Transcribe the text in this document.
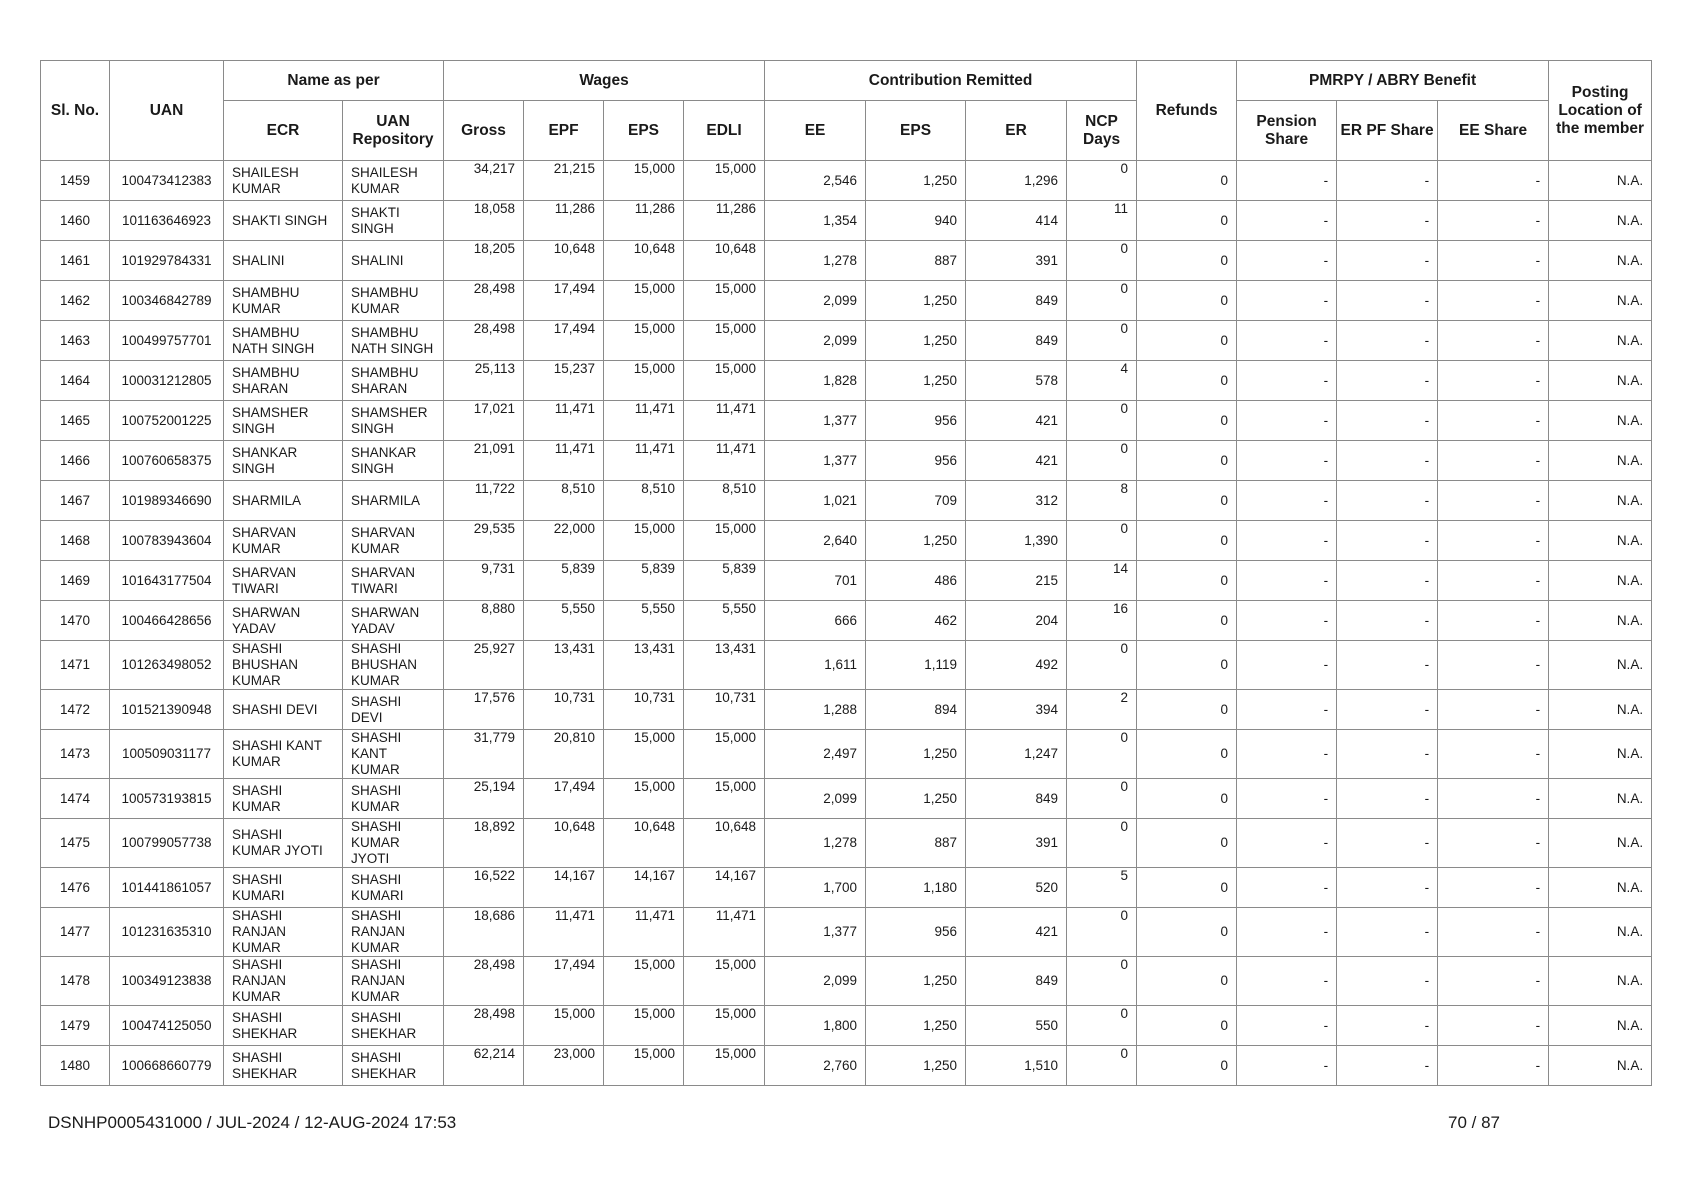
Sl. No.	UAN	Name as per		Wages				Contribution Remitted				Refunds	PMRPY / ABRY Benefit			Posting Location of the member
		ECR	UAN Repository	Gross	EPF	EPS	EDLI	EE	EPS	ER	NCP Days		Pension Share	ER PF Share	EE Share	
1459	100473412383	SHAILESH KUMAR	SHAILESH KUMAR	34,217	21,215	15,000	15,000	2,546	1,250	1,296	0	0	-	-	-	N.A.
1460	101163646923	SHAKTI SINGH	SHAKTI SINGH	18,058	11,286	11,286	11,286	1,354	940	414	11	0	-	-	-	N.A.
1461	101929784331	SHALINI	SHALINI	18,205	10,648	10,648	10,648	1,278	887	391	0	0	-	-	-	N.A.
1462	100346842789	SHAMBHU KUMAR	SHAMBHU KUMAR	28,498	17,494	15,000	15,000	2,099	1,250	849	0	0	-	-	-	N.A.
1463	100499757701	SHAMBHU NATH SINGH	SHAMBHU NATH SINGH	28,498	17,494	15,000	15,000	2,099	1,250	849	0	0	-	-	-	N.A.
1464	100031212805	SHAMBHU SHARAN	SHAMBHU SHARAN	25,113	15,237	15,000	15,000	1,828	1,250	578	4	0	-	-	-	N.A.
1465	100752001225	SHAMSHER SINGH	SHAMSHER SINGH	17,021	11,471	11,471	11,471	1,377	956	421	0	0	-	-	-	N.A.
1466	100760658375	SHANKAR SINGH	SHANKAR SINGH	21,091	11,471	11,471	11,471	1,377	956	421	0	0	-	-	-	N.A.
1467	101989346690	SHARMILA	SHARMILA	11,722	8,510	8,510	8,510	1,021	709	312	8	0	-	-	-	N.A.
1468	100783943604	SHARVAN KUMAR	SHARVAN KUMAR	29,535	22,000	15,000	15,000	2,640	1,250	1,390	0	0	-	-	-	N.A.
1469	101643177504	SHARVAN TIWARI	SHARVAN TIWARI	9,731	5,839	5,839	5,839	701	486	215	14	0	-	-	-	N.A.
1470	100466428656	SHARWAN YADAV	SHARWAN YADAV	8,880	5,550	5,550	5,550	666	462	204	16	0	-	-	-	N.A.
1471	101263498052	SHASHI BHUSHAN KUMAR	SHASHI BHUSHAN KUMAR	25,927	13,431	13,431	13,431	1,611	1,119	492	0	0	-	-	-	N.A.
1472	101521390948	SHASHI DEVI	SHASHI DEVI	17,576	10,731	10,731	10,731	1,288	894	394	2	0	-	-	-	N.A.
1473	100509031177	SHASHI KANT KUMAR	SHASHI KANT KUMAR	31,779	20,810	15,000	15,000	2,497	1,250	1,247	0	0	-	-	-	N.A.
1474	100573193815	SHASHI KUMAR	SHASHI KUMAR	25,194	17,494	15,000	15,000	2,099	1,250	849	0	0	-	-	-	N.A.
1475	100799057738	SHASHI KUMAR JYOTI	SHASHI KUMAR JYOTI	18,892	10,648	10,648	10,648	1,278	887	391	0	0	-	-	-	N.A.
1476	101441861057	SHASHI KUMARI	SHASHI KUMARI	16,522	14,167	14,167	14,167	1,700	1,180	520	5	0	-	-	-	N.A.
1477	101231635310	SHASHI RANJAN KUMAR	SHASHI RANJAN KUMAR	18,686	11,471	11,471	11,471	1,377	956	421	0	0	-	-	-	N.A.
1478	100349123838	SHASHI RANJAN KUMAR	SHASHI RANJAN KUMAR	28,498	17,494	15,000	15,000	2,099	1,250	849	0	0	-	-	-	N.A.
1479	100474125050	SHASHI SHEKHAR	SHASHI SHEKHAR	28,498	15,000	15,000	15,000	1,800	1,250	550	0	0	-	-	-	N.A.
1480	100668660779	SHASHI SHEKHAR	SHASHI SHEKHAR	62,214	23,000	15,000	15,000	2,760	1,250	1,510	0	0	-	-	-	N.A.
DSNHP0005431000 / JUL-2024 / 12-AUG-2024 17:53	70 / 87
